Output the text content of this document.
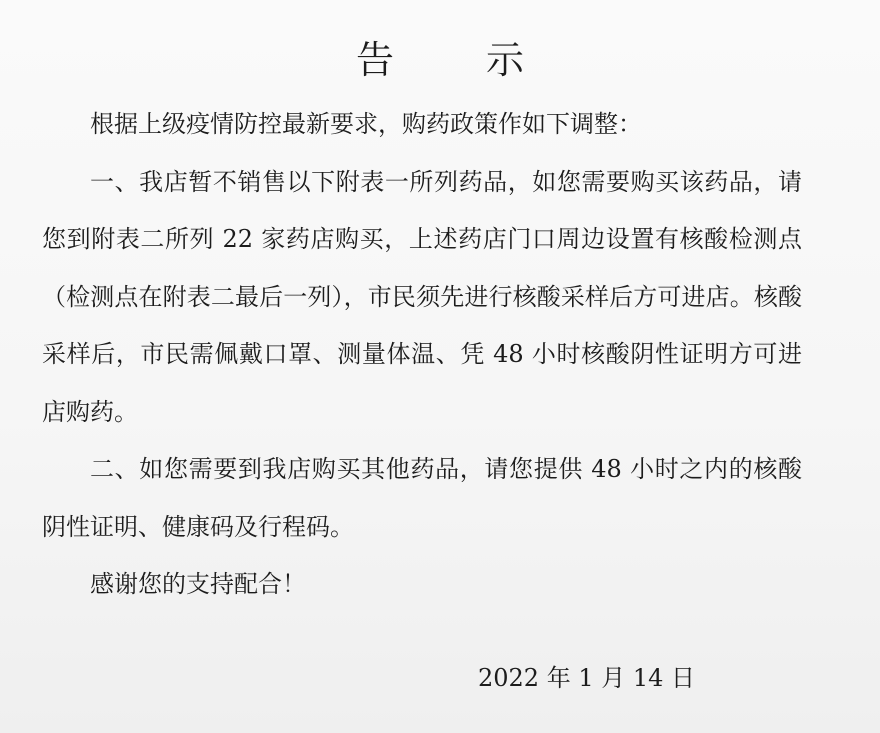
告 示

根据上级疫情防控最新要求，购药政策作如下调整：

一、我店暂不销售以下附表一所列药品，如您需要购买该药品，请您到附表二所列 22 家药店购买，上述药店门口周边设置有核酸检测点（检测点在附表二最后一列），市民须先进行核酸采样后方可进店。核酸采样后，市民需佩戴口罩、测量体温、凭 48 小时核酸阴性证明方可进店购药。

二、如您需要到我店购买其他药品，请您提供 48 小时之内的核酸阴性证明、健康码及行程码。

感谢您的支持配合！

2022 年 1 月 14 日
